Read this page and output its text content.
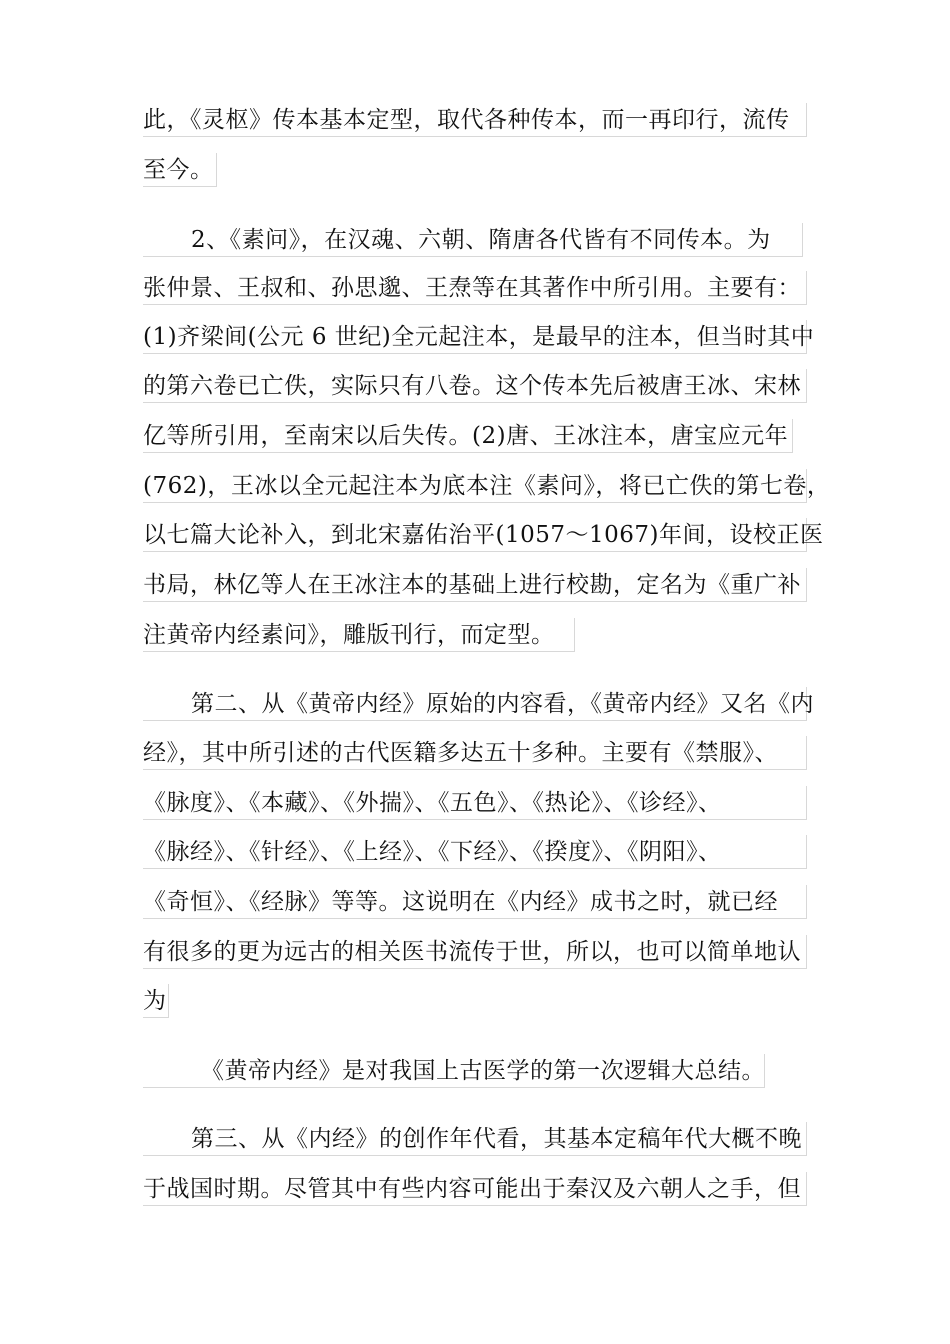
此，《灵枢》传本基本定型，取代各种传本，而一再印行，流传
至今。
2、《素问》，在汉魂、六朝、隋唐各代皆有不同传本。为
张仲景、王叔和、孙思邈、王焘等在其著作中所引用。主要有：
(1)齐梁间(公元 6 世纪)全元起注本，是最早的注本，但当时其中
的第六卷已亡佚，实际只有八卷。这个传本先后被唐王冰、宋林
亿等所引用，至南宋以后失传。(2)唐、王冰注本，唐宝应元年
(762)，王冰以全元起注本为底本注《素问》，将已亡佚的第七卷，
以七篇大论补入，到北宋嘉佑治平(1057～1067)年间，设校正医
书局，林亿等人在王冰注本的基础上进行校勘，定名为《重广补
注黄帝内经素问》，雕版刊行，而定型。
第二、从《黄帝内经》原始的内容看，《黄帝内经》又名《内
经》，其中所引述的古代医籍多达五十多种。主要有《禁服》、
《脉度》、《本藏》、《外揣》、《五色》、《热论》、《诊经》、
《脉经》、《针经》、《上经》、《下经》、《揆度》、《阴阳》、
《奇恒》、《经脉》等等。这说明在《内经》成书之时，就已经
有很多的更为远古的相关医书流传于世，所以，也可以简单地认
为
《黄帝内经》是对我国上古医学的第一次逻辑大总结。
第三、从《内经》的创作年代看，其基本定稿年代大概不晚
于战国时期。尽管其中有些内容可能出于秦汉及六朝人之手，但
